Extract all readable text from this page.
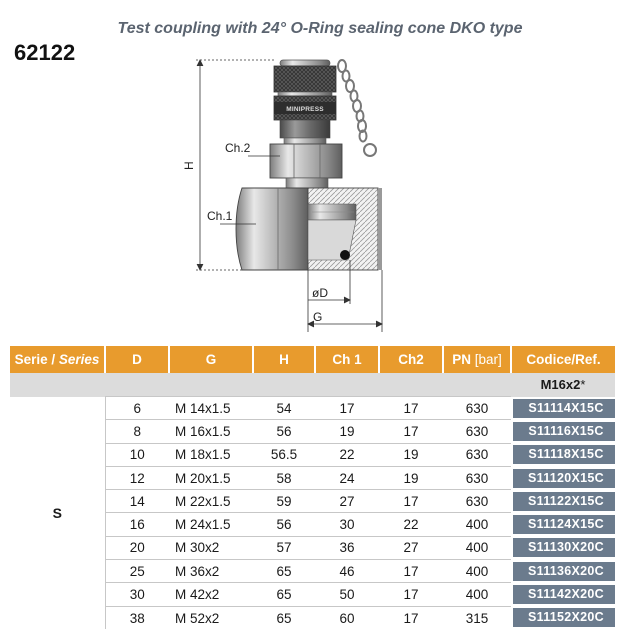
Test coupling with 24° O-Ring sealing cone DKO type
62122
MINIPRESS
Ch.2
Ch.1
H
øD
G
Serie / Series	D	G	H	Ch 1	Ch2	PN [bar]	Codice/Ref.
							M16x2*
S	6	M 14x1.5	54	17	17	630	S11114X15C

	8	M 16x1.5	56	19	17	630	S11116X15C

	10	M 18x1.5	56.5	22	19	630	S11118X15C

	12	M 20x1.5	58	24	19	630	S11120X15C

	14	M 22x1.5	59	27	17	630	S11122X15C

	16	M 24x1.5	56	30	22	400	S11124X15C

	20	M 30x2	57	36	27	400	S11130X20C

	25	M 36x2	65	46	17	400	S11136X20C

	30	M 42x2	65	50	17	400	S11142X20C

	38	M 52x2	65	60	17	315	S11152X20C
